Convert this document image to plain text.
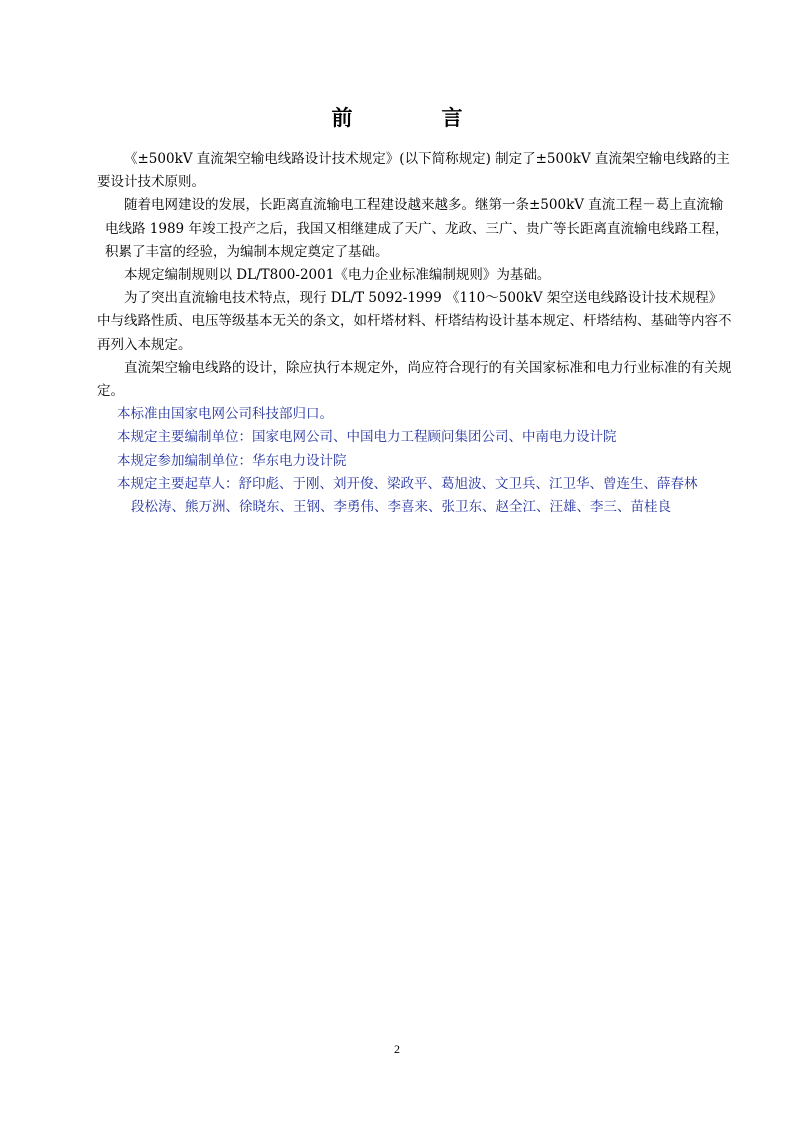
前　言

《±500kV 直流架空输电线路设计技术规定》(以下简称规定) 制定了±500kV 直流架空输电线路的主要设计技术原则。

随着电网建设的发展，长距离直流输电工程建设越来越多。继第一条±500kV 直流工程－葛上直流输电线路 1989 年竣工投产之后，我国又相继建成了天广、龙政、三广、贵广等长距离直流输电线路工程，积累了丰富的经验，为编制本规定奠定了基础。

本规定编制规则以 DL/T800-2001《电力企业标准编制规则》为基础。

为了突出直流输电技术特点，现行 DL/T 5092-1999 《110～500kV 架空送电线路设计技术规程》中与线路性质、电压等级基本无关的条文，如杆塔材料、杆塔结构设计基本规定、杆塔结构、基础等内容不再列入本规定。

直流架空输电线路的设计，除应执行本规定外，尚应符合现行的有关国家标准和电力行业标准的有关规定。

本标准由国家电网公司科技部归口。

本规定主要编制单位：国家电网公司、中国电力工程顾问集团公司、中南电力设计院

本规定参加编制单位：华东电力设计院

本规定主要起草人：舒印彪、于刚、刘开俊、梁政平、葛旭波、文卫兵、江卫华、曾连生、薛春林

段松涛、熊万洲、徐晓东、王钢、李勇伟、李喜来、张卫东、赵全江、汪雄、李三、苗桂良

2
